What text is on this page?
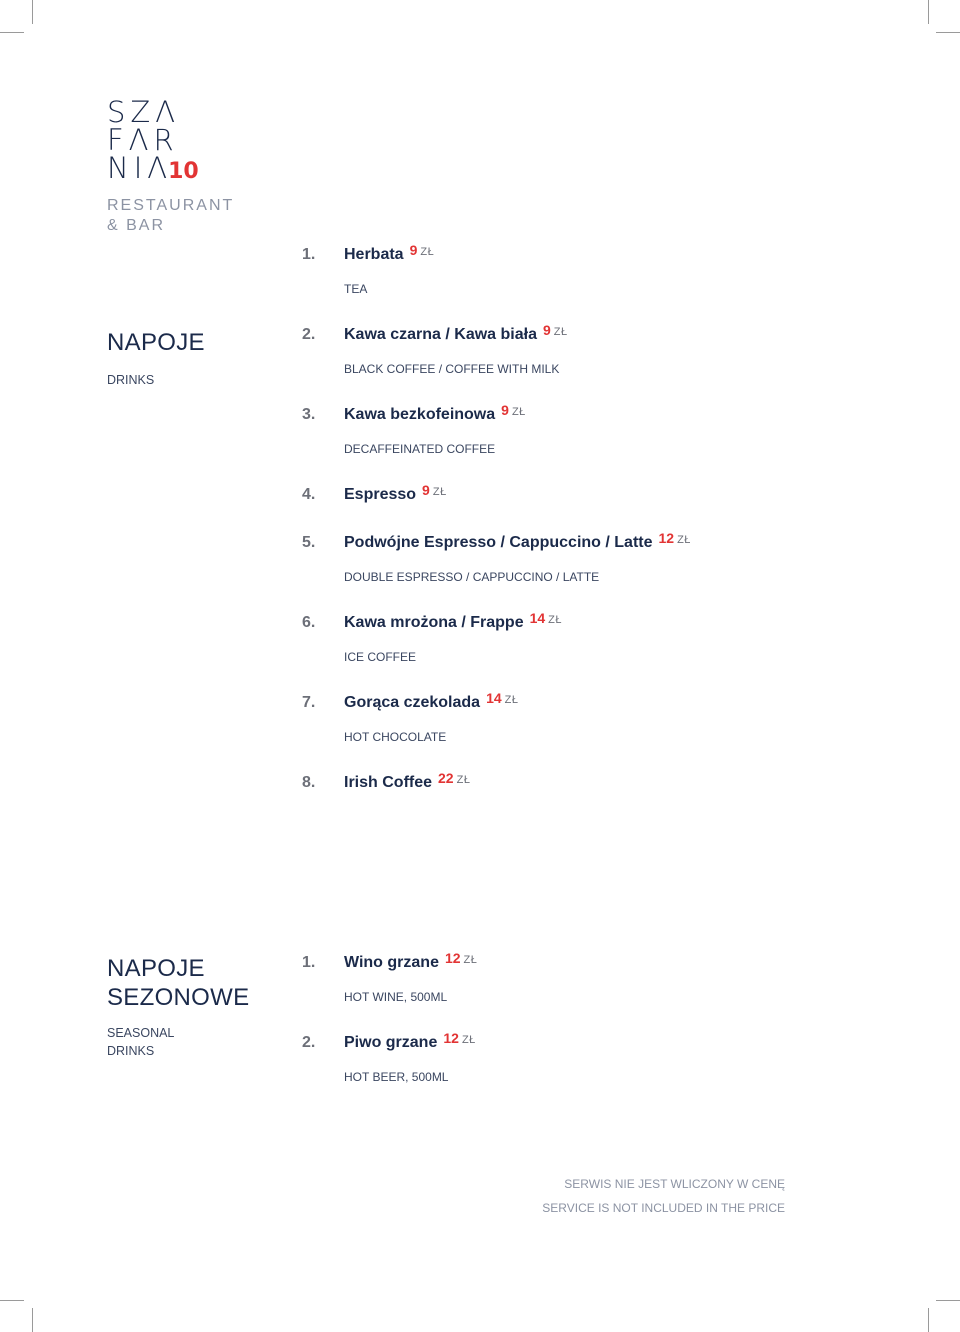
SZΛ
FΛR
NIΛ10
RESTAURANT
& BAR
NAPOJE
DRINKS
1. Herbata 9 $^{ZŁ}$
TEA
2. Kawa czarna / Kawa biała 9 $^{ZŁ}$
BLACK COFFEE / COFFEE WITH MILK
3. Kawa bezkofeinowa 9 $^{ZŁ}$
DECAFFEINATED COFFEE
4. Espresso 9 $^{ZŁ}$
5. Podwójne Espresso / Cappuccino / Latte 12 $^{ZŁ}$
DOUBLE ESPRESSO / CAPPUCCINO / LATTE
6. Kawa mrożona / Frappe 14 $^{ZŁ}$
ICE COFFEE
7. Gorąca czekolada 14 $^{ZŁ}$
HOT CHOCOLATE
8. Irish Coffee 22 $^{ZŁ}$
NAPOJE
SEZONOWE
SEASONAL
DRINKS
1. Wino grzane 12 $^{ZŁ}$
HOT WINE, 500ML
2. Piwo grzane 12 $^{ZŁ}$
HOT BEER, 500ML
SERWIS NIE JEST WLICZONY W CENĘ
SERVICE IS NOT INCLUDED IN THE PRICE
